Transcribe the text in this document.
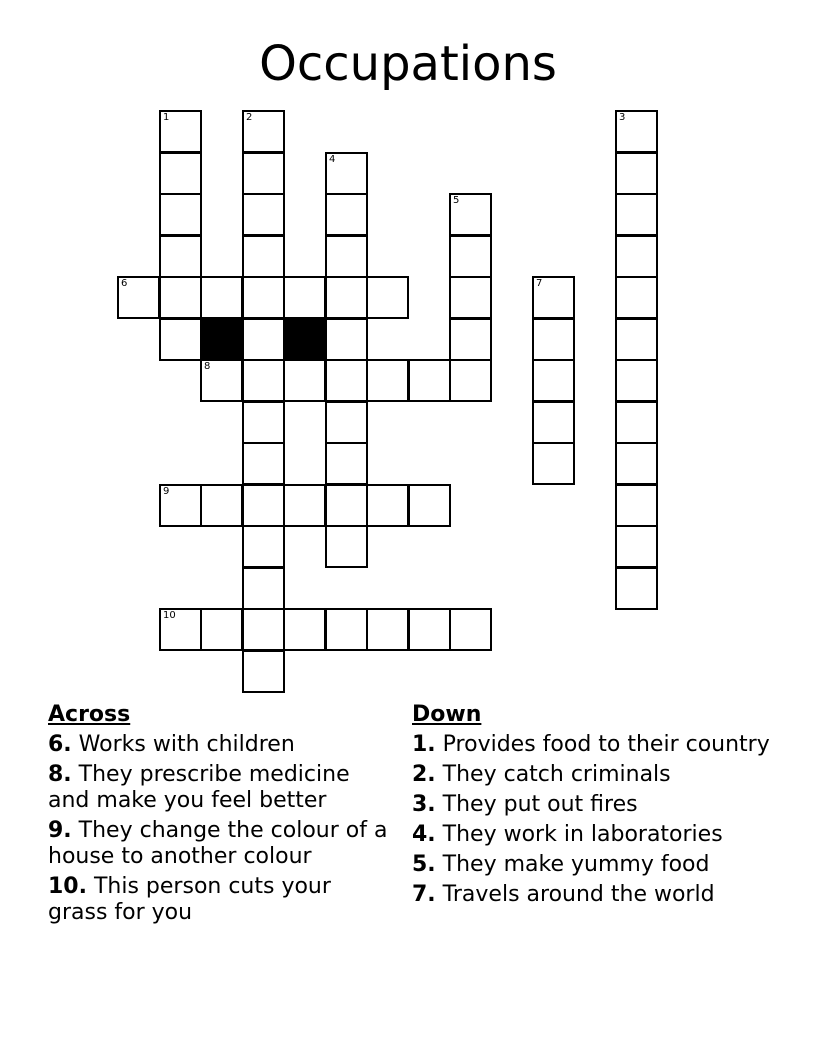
Occupations
1	2
4
5
3
6	7
8
9
10
Across
6. Works with children
8. They prescribe medicine and make you feel better
9. They change the colour of a house to another colour
10. This person cuts your grass for you
Down
1. Provides food to their country
2. They catch criminals
3. They put out fires
4. They work in laboratories
5. They make yummy food
7. Travels around the world
